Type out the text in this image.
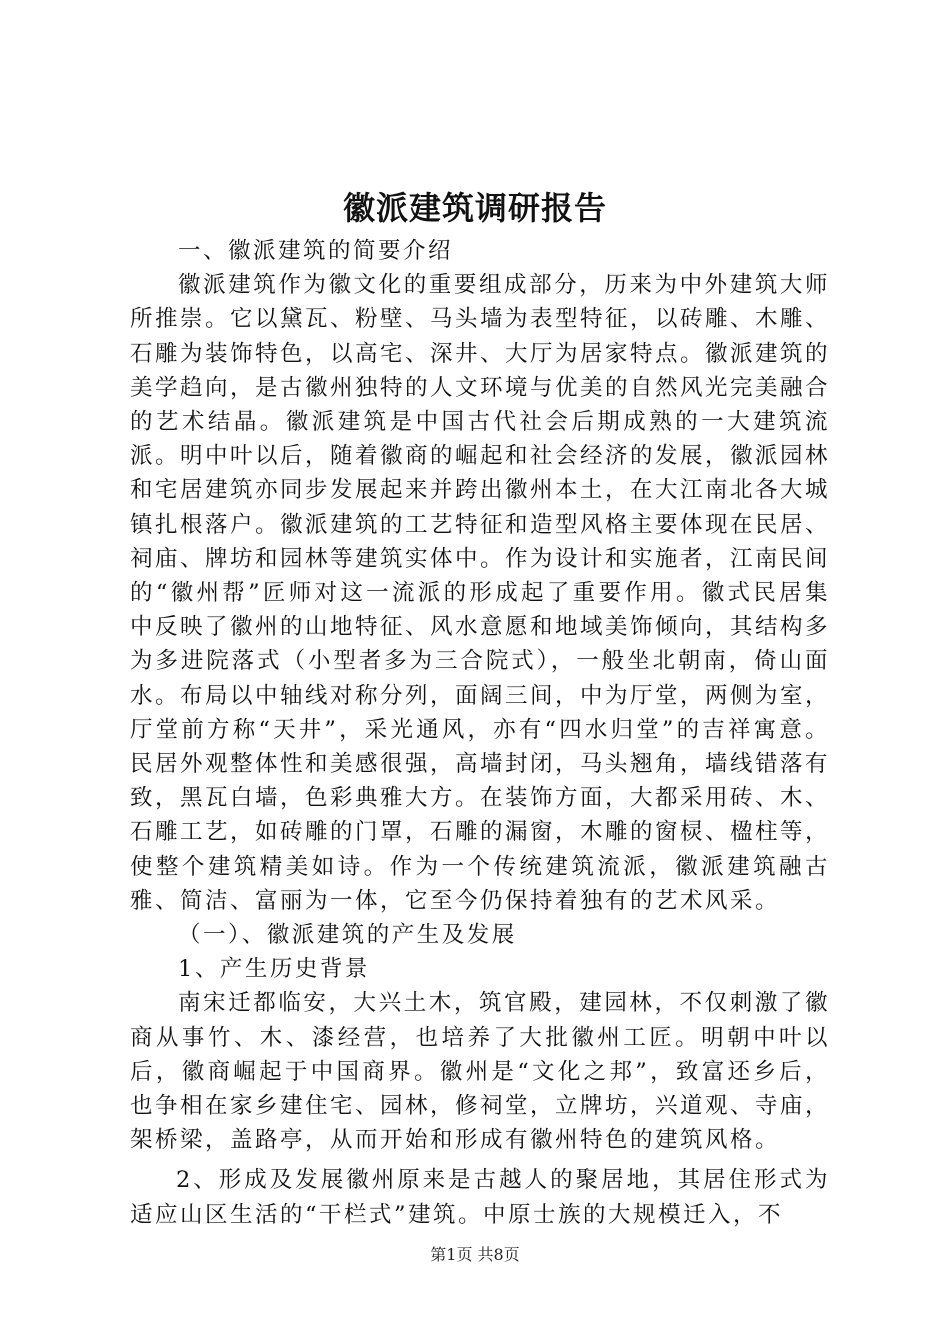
徽派建筑调研报告

一、徽派建筑的简要介绍

徽派建筑作为徽文化的重要组成部分，历来为中外建筑大师所推崇。它以黛瓦、粉壁、马头墙为表型特征，以砖雕、木雕、石雕为装饰特色，以高宅、深井、大厅为居家特点。徽派建筑的美学趋向，是古徽州独特的人文环境与优美的自然风光完美融合的艺术结晶。徽派建筑是中国古代社会后期成熟的一大建筑流派。明中叶以后，随着徽商的崛起和社会经济的发展，徽派园林和宅居建筑亦同步发展起来并跨出徽州本土，在大江南北各大城镇扎根落户。徽派建筑的工艺特征和造型风格主要体现在民居、祠庙、牌坊和园林等建筑实体中。作为设计和实施者，江南民间的“徽州帮”匠师对这一流派的形成起了重要作用。徽式民居集中反映了徽州的山地特征、风水意愿和地域美饰倾向，其结构多为多进院落式（小型者多为三合院式），一般坐北朝南，倚山面水。布局以中轴线对称分列，面阔三间，中为厅堂，两侧为室，厅堂前方称“天井”，采光通风，亦有“四水归堂”的吉祥寓意。民居外观整体性和美感很强，高墙封闭，马头翘角，墙线错落有致，黑瓦白墙，色彩典雅大方。在装饰方面，大都采用砖、木、石雕工艺，如砖雕的门罩，石雕的漏窗，木雕的窗棂、楹柱等，使整个建筑精美如诗。作为一个传统建筑流派，徽派建筑融古雅、简洁、富丽为一体，它至今仍保持着独有的艺术风采。

（一）、徽派建筑的产生及发展

1、产生历史背景

南宋迁都临安，大兴土木，筑官殿，建园林，不仅刺激了徽商从事竹、木、漆经营，也培养了大批徽州工匠。明朝中叶以后，徽商崛起于中国商界。徽州是“文化之邦”，致富还乡后，也争相在家乡建住宅、园林，修祠堂，立牌坊，兴道观、寺庙，架桥梁，盖路亭，从而开始和形成有徽州特色的建筑风格。

2、形成及发展徽州原来是古越人的聚居地，其居住形式为适应山区生活的“干栏式”建筑。中原士族的大规模迁入，不

第1页 共8页
